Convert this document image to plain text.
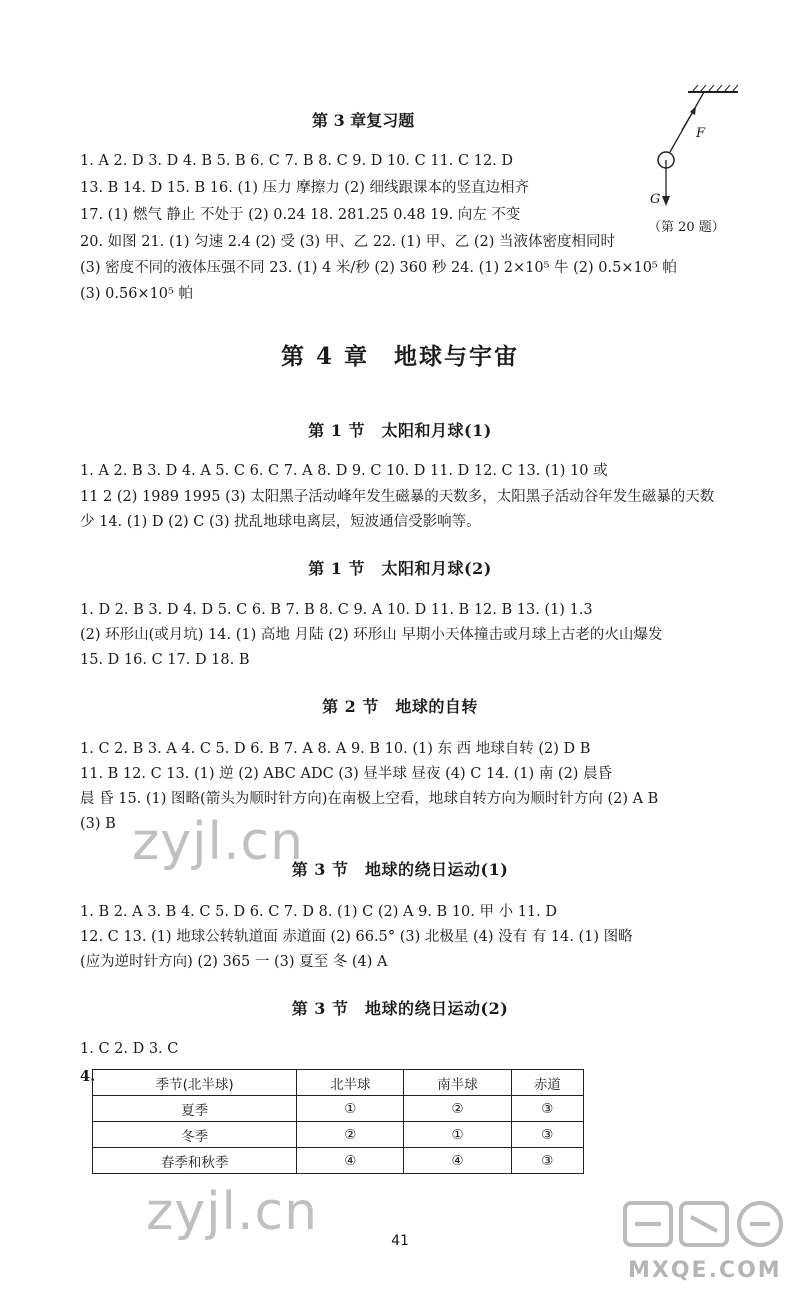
第 3 章复习题
1. A 2. D 3. D 4. B 5. B 6. C 7. B 8. C 9. D 10. C 11. C 12. D
13. B 14. D 15. B 16. (1) 压力 摩擦力 (2) 细线跟课本的竖直边相齐
17. (1) 燃气 静止 不处于 (2) 0.24 18. 281.25 0.48 19. 向左 不变
20. 如图 21. (1) 匀速 2.4 (2) 受 (3) 甲、乙 22. (1) 甲、乙 (2) 当液体密度相同时
(3) 密度不同的液体压强不同 23. (1) 4 米/秒 (2) 360 秒 24. (1) 2×10⁵ 牛 (2) 0.5×10⁵ 帕
(3) 0.56×10⁵ 帕
F
G
（第 20 题）
第 4 章　地球与宇宙
第 1 节　太阳和月球(1)
1. A 2. B 3. D 4. A 5. C 6. C 7. A 8. D 9. C 10. D 11. D 12. C 13. (1) 10 或
11 2 (2) 1989 1995 (3) 太阳黑子活动峰年发生磁暴的天数多，太阳黑子活动谷年发生磁暴的天数
少 14. (1) D (2) C (3) 扰乱地球电离层，短波通信受影响等。
第 1 节　太阳和月球(2)
1. D 2. B 3. D 4. D 5. C 6. B 7. B 8. C 9. A 10. D 11. B 12. B 13. (1) 1.3
(2) 环形山(或月坑) 14. (1) 高地 月陆 (2) 环形山 早期小天体撞击或月球上古老的火山爆发
15. D 16. C 17. D 18. B
第 2 节　地球的自转
1. C 2. B 3. A 4. C 5. D 6. B 7. A 8. A 9. B 10. (1) 东 西 地球自转 (2) D B
11. B 12. C 13. (1) 逆 (2) ABC ADC (3) 昼半球 昼夜 (4) C 14. (1) 南 (2) 晨昏
晨 昏 15. (1) 图略(箭头为顺时针方向)在南极上空看，地球自转方向为顺时针方向 (2) A B
(3) B
第 3 节　地球的绕日运动(1)
1. B 2. A 3. B 4. C 5. D 6. C 7. D 8. (1) C (2) A 9. B 10. 甲 小 11. D
12. C 13. (1) 地球公转轨道面 赤道面 (2) 66.5° (3) 北极星 (4) 没有 有 14. (1) 图略
(应为逆时针方向) (2) 365 一 (3) 夏至 冬 (4) A
第 3 节　地球的绕日运动(2)
1. C 2. D 3. C
4.	季节(北半球)	北半球	南半球	赤道
夏季	①	②	③
冬季	②	①	③
春季和秋季	④	④	③
zyjl.cn
zyjl.cn	41
MXQE.COM
